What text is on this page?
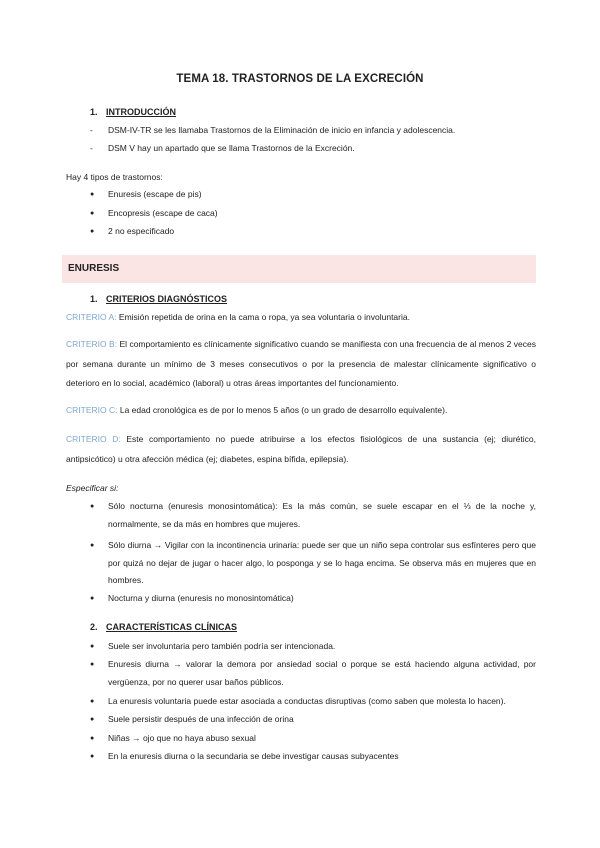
TEMA 18. TRASTORNOS DE LA EXCRECIÓN
1. INTRODUCCIÓN
- DSM-IV-TR se les llamaba Trastornos de la Eliminación de inicio en infancia y adolescencia.
- DSM V hay un apartado que se llama Trastornos de la Excreción.
Hay 4 tipos de trastornos:
● Enuresis (escape de pis)
● Encopresis (escape de caca)
● 2 no especificado
ENURESIS
1. CRITERIOS DIAGNÓSTICOS
CRITERIO A: Emisión repetida de orina en la cama o ropa, ya sea voluntaria o involuntaria.
CRITERIO B: El comportamiento es clínicamente significativo cuando se manifiesta con una frecuencia de al menos 2 veces por semana durante un mínimo de 3 meses consecutivos o por la presencia de malestar clínicamente significativo o deterioro en lo social, académico (laboral) u otras áreas importantes del funcionamiento.
CRITERIO C: La edad cronológica es de por lo menos 5 años (o un grado de desarrollo equivalente).
CRITERIO D: Este comportamiento no puede atribuirse a los efectos fisiológicos de una sustancia (ej; diurético, antipsicótico) u otra afección médica (ej; diabetes, espina bífida, epilepsia).
Especificar si:
● Sólo nocturna (enuresis monosintomática): Es la más común, se suele escapar en el ⅓ de la noche y, normalmente, se da más en hombres que mujeres.
● Sólo diurna → Vigilar con la incontinencia urinaria: puede ser que un niño sepa controlar sus esfínteres pero que por quizá no dejar de jugar o hacer algo, lo posponga y se lo haga encima. Se observa más en mujeres que en hombres.
● Nocturna y diurna (enuresis no monosintomática)
2. CARACTERÍSTICAS CLÍNICAS
● Suele ser involuntaria pero también podría ser intencionada.
● Enuresis diurna → valorar la demora por ansiedad social o porque se está haciendo alguna actividad, por vergüenza, por no querer usar baños públicos.
● La enuresis voluntaria puede estar asociada a conductas disruptivas (como saben que molesta lo hacen).
● Suele persistir después de una infección de orina
● Niñas → ojo que no haya abuso sexual
● En la enuresis diurna o la secundaria se debe investigar causas subyacentes
